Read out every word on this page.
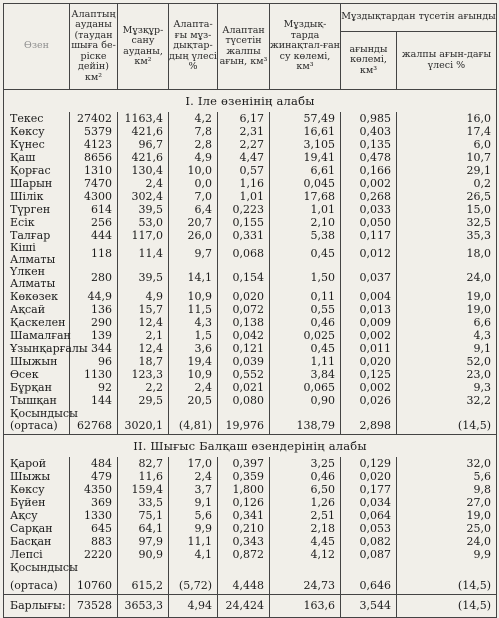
Өзен	Алаптың ауданы (таудан шыға бе-ріске дейін) км²	Мұзқұр-сану ауданы, км²	Алапта-ғы мұз-дықтар-дың үлесі %	Алаптан түсетін жалпы ағын, км³	Мұздық-тарда жинақтал-ған су көлемі, км³	Мұздықтардан түсетін ағынды	
						ағынды көлемі, км³	жалпы ағын-дағы үлесі %
I. Іле өзенінің алабы							
Текес	27402	1163,4	4,2	6,17	57,49	0,985	16,0
Көксу	5379	421,6	7,8	2,31	16,61	0,403	17,4
Күнес	4123	96,7	2,8	2,27	3,105	0,135	6,0
Қаш	8656	421,6	4,9	4,47	19,41	0,478	10,7
Қорғас	1310	130,4	10,0	0,57	6,61	0,166	29,1
Шарын	7470	2,4	0,0	1,16	0,045	0,002	0,2
Шілік	4300	302,4	7,0	1,01	17,68	0,268	26,5
Түрген	614	39,5	6,4	0,223	1,01	0,033	15,0
Есік	256	53,0	20,7	0,155	2,10	0,050	32,5
Талғар	444	117,0	26,0	0,331	5,38	0,117	35,3
Кіші Алматы	118	11,4	9,7	0,068	0,45	0,012	18,0
Үлкен Алматы	280	39,5	14,1	0,154	1,50	0,037	24,0
Көкөзек	44,9	4,9	10,9	0,020	0,11	0,004	19,0
Ақсай	136	15,7	11,5	0,072	0,55	0,013	19,0
Қаскелен	290	12,4	4,3	0,138	0,46	0,009	6,6
Шамалған	139	2,1	1,5	0,042	0,025	0,002	4,3
Ұзынқарғалы	344	12,4	3,6	0,121	0,45	0,011	9,1
Шыжын	96	18,7	19,4	0,039	1,11	0,020	52,0
Өсек	1130	123,3	10,9	0,552	3,84	0,125	23,0
Бұрқан	92	2,2	2,4	0,021	0,065	0,002	9,3
Тышқан	144	29,5	20,5	0,080	0,90	0,026	32,2
Қосындысы							
(ортаса)	62768	3020,1	(4,81)	19,976	138,79	2,898	(14,5)
II. Шығыс Балқаш өзендерінің алабы							
Қарой	484	82,7	17,0	0,397	3,25	0,129	32,0
Шыжы	479	11,6	2,4	0,359	0,46	0,020	5,6
Көксу	4350	159,4	3,7	1,800	6,50	0,177	9,8
Бүйен	369	33,5	9,1	0,126	1,26	0,034	27,0
Ақсу	1330	75,1	5,6	0,341	2,51	0,064	19,0
Сарқан	645	64,1	9,9	0,210	2,18	0,053	25,0
Басқан	883	97,9	11,1	0,343	4,45	0,082	24,0
Лепсі	2220	90,9	4,1	0,872	4,12	0,087	9,9
Қосындысы							
(ортаса)	10760	615,2	(5,72)	4,448	24,73	0,646	(14,5)
Барлығы:	73528	3653,3	4,94	24,424	163,6	3,544	(14,5)
